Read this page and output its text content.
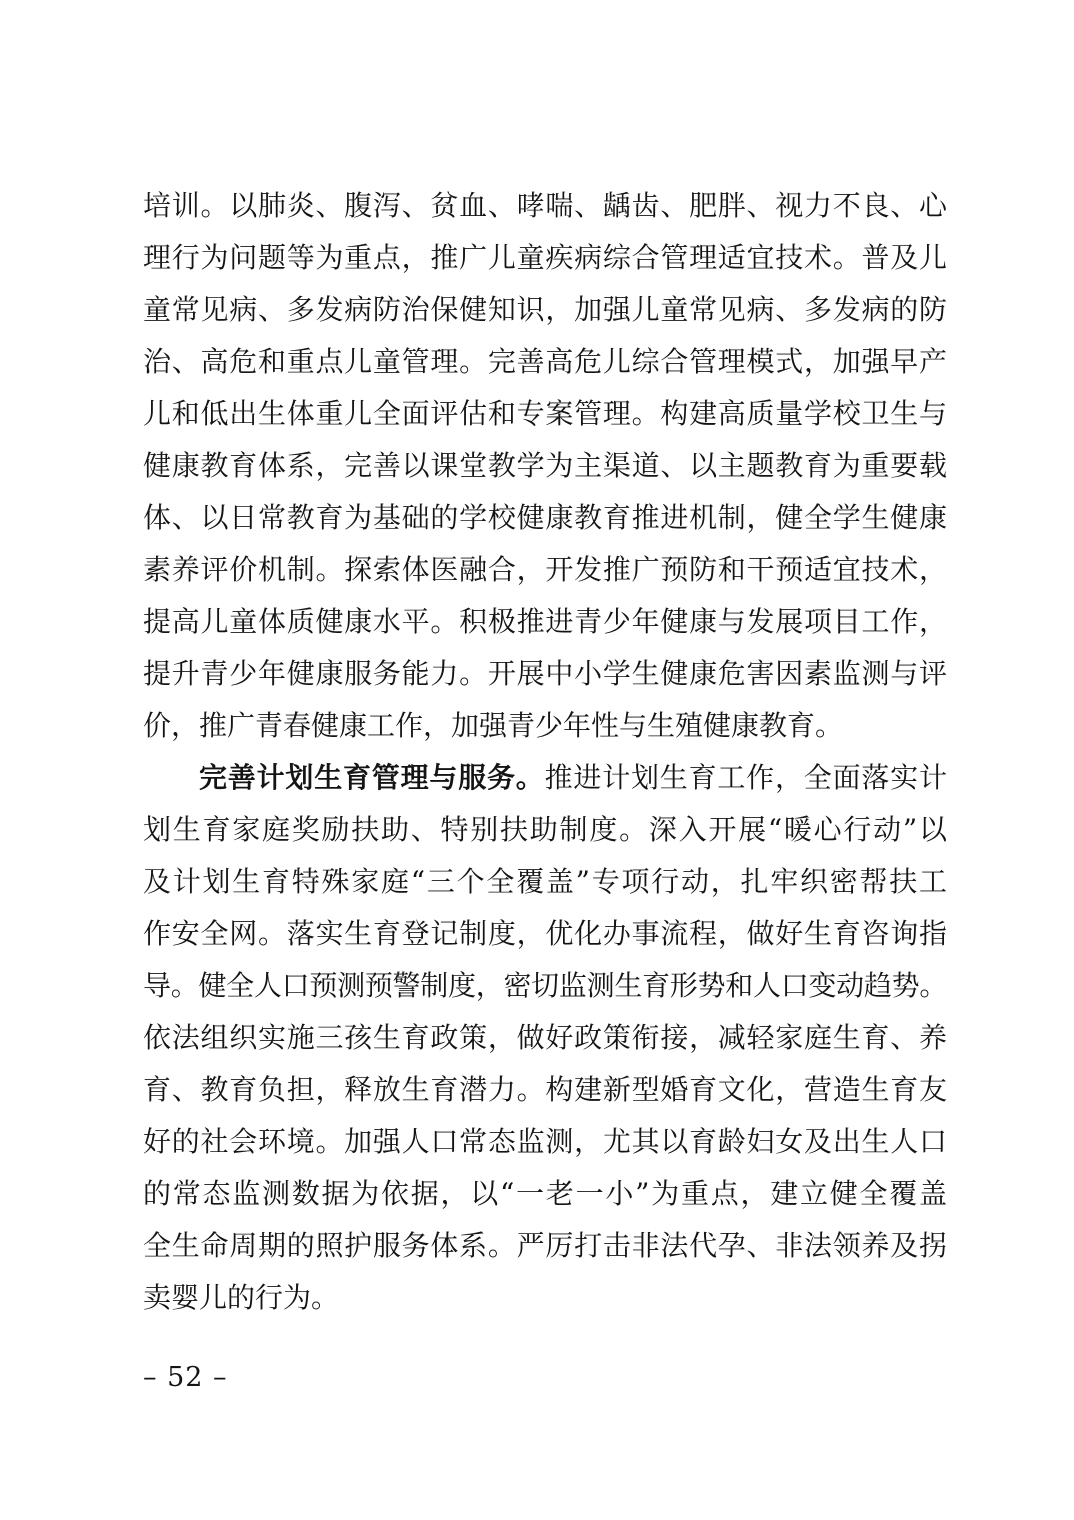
培训。以肺炎、腹泻、贫血、哮喘、龋齿、肥胖、视力不良、心
理行为问题等为重点，推广儿童疾病综合管理适宜技术。普及儿
童常见病、多发病防治保健知识，加强儿童常见病、多发病的防
治、高危和重点儿童管理。完善高危儿综合管理模式，加强早产
儿和低出生体重儿全面评估和专案管理。构建高质量学校卫生与
健康教育体系，完善以课堂教学为主渠道、以主题教育为重要载
体、以日常教育为基础的学校健康教育推进机制，健全学生健康
素养评价机制。探索体医融合，开发推广预防和干预适宜技术，
提高儿童体质健康水平。积极推进青少年健康与发展项目工作，
提升青少年健康服务能力。开展中小学生健康危害因素监测与评
价，推广青春健康工作，加强青少年性与生殖健康教育。
完善计划生育管理与服务。推进计划生育工作，全面落实计
划生育家庭奖励扶助、特别扶助制度。深入开展“暖心行动”以
及计划生育特殊家庭“三个全覆盖”专项行动，扎牢织密帮扶工
作安全网。落实生育登记制度，优化办事流程，做好生育咨询指
导。健全人口预测预警制度，密切监测生育形势和人口变动趋势。
依法组织实施三孩生育政策，做好政策衔接，减轻家庭生育、养
育、教育负担，释放生育潜力。构建新型婚育文化，营造生育友
好的社会环境。加强人口常态监测，尤其以育龄妇女及出生人口
的常态监测数据为依据，以“一老一小”为重点，建立健全覆盖
全生命周期的照护服务体系。严厉打击非法代孕、非法领养及拐
卖婴儿的行为。
– 52 –
